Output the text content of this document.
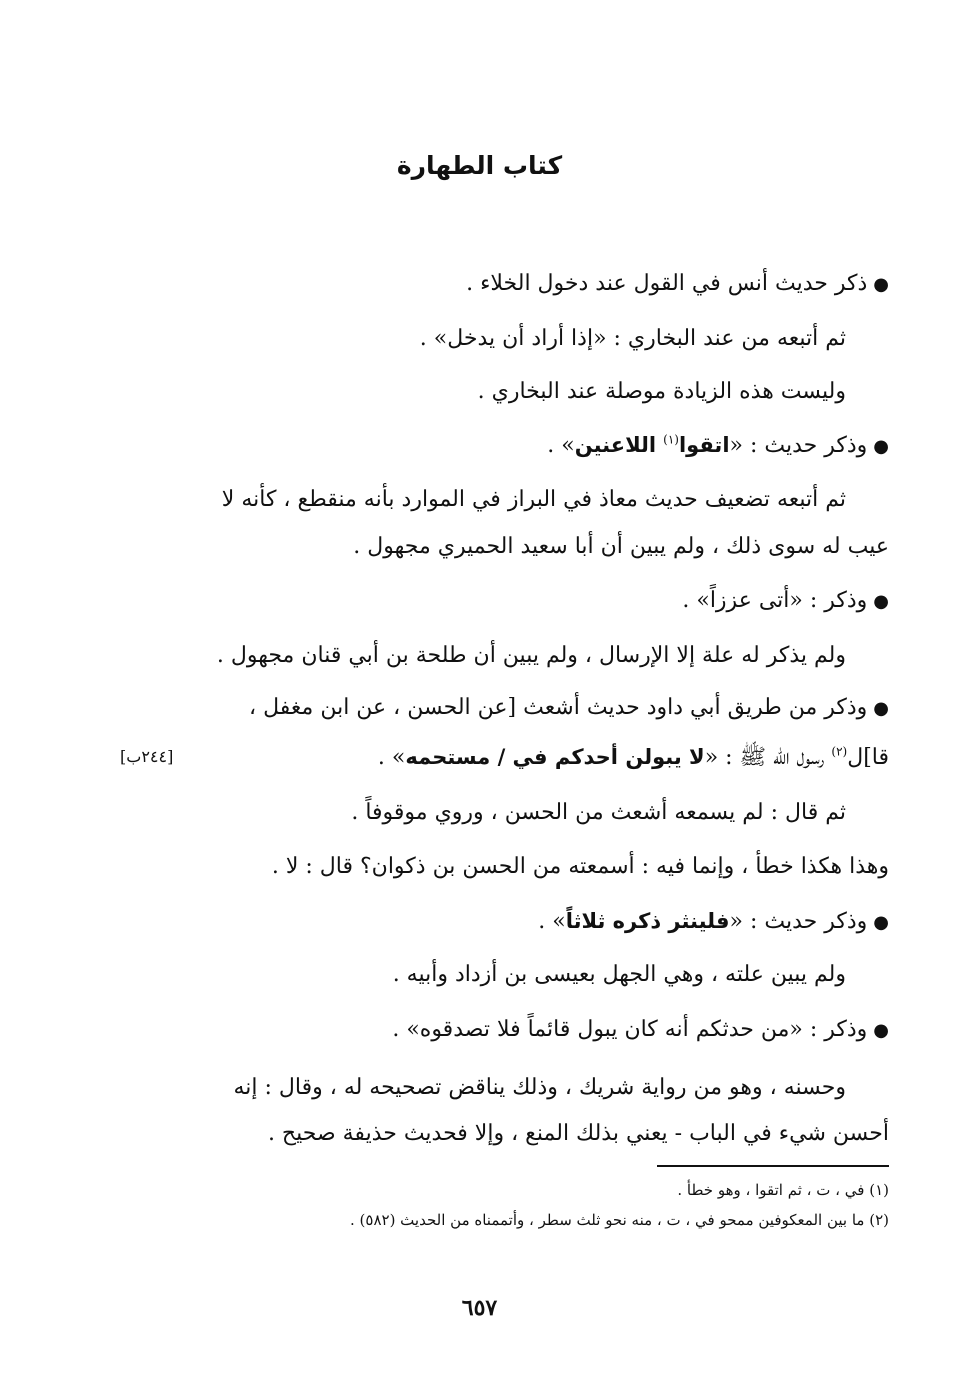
كتاب الطهارة
●ذكر حديث أنس في القول عند دخول الخلاء .
ثم أتبعه من عند البخاري : «إذا أراد أن يدخل» .
وليست هذه الزيادة موصلة عند البخاري .
●وذكر حديث : «اتقوا$^{(١)}$ اللاعنين» .
ثم أتبعه تضعيف حديث معاذ في البراز في الموارد بأنه منقطع ، كأنه لا
عيب له سوى ذلك ، ولم يبين أن أبا سعيد الحميري مجهول .
●وذكر : «أتى عززاً» .
ولم يذكر له علة إلا الإرسال ، ولم يبين أن طلحة بن أبي قنان مجهول .
●وذكر من طريق أبي داود حديث أشعث [عن الحسن ، عن ابن مغفل ،
قا]ل$^{(٢)}$ رسول الله ﷺ : «لا يبولن أحدكم في / مستحمه» .
[٢٤٤ب]
ثم قال : لم يسمعه أشعث من الحسن ، وروي موقوفاً .
وهذا هكذا خطأ ، وإنما فيه : أسمعته من الحسن بن ذكوان؟ قال : لا .
●وذكر حديث : «فلينثر ذكره ثلاثاً» .
ولم يبين علته ، وهي الجهل بعيسى بن أزداد وأبيه .
●وذكر : «من حدثكم أنه كان يبول قائماً فلا تصدقوه» .
وحسنه ، وهو من رواية شريك ، وذلك يناقض تصحيحه له ، وقال : إنه
أحسن شيء في الباب - يعني بذلك المنع ، وإلا فحديث حذيفة صحيح .
(١) في ، ت ، ثم اتقوا ، وهو خطأ .
(٢) ما بين المعكوفين ممحو في ، ت ، منه نحو ثلث سطر ، وأتممناه من الحديث (٥٨٢) .
٦٥٧
